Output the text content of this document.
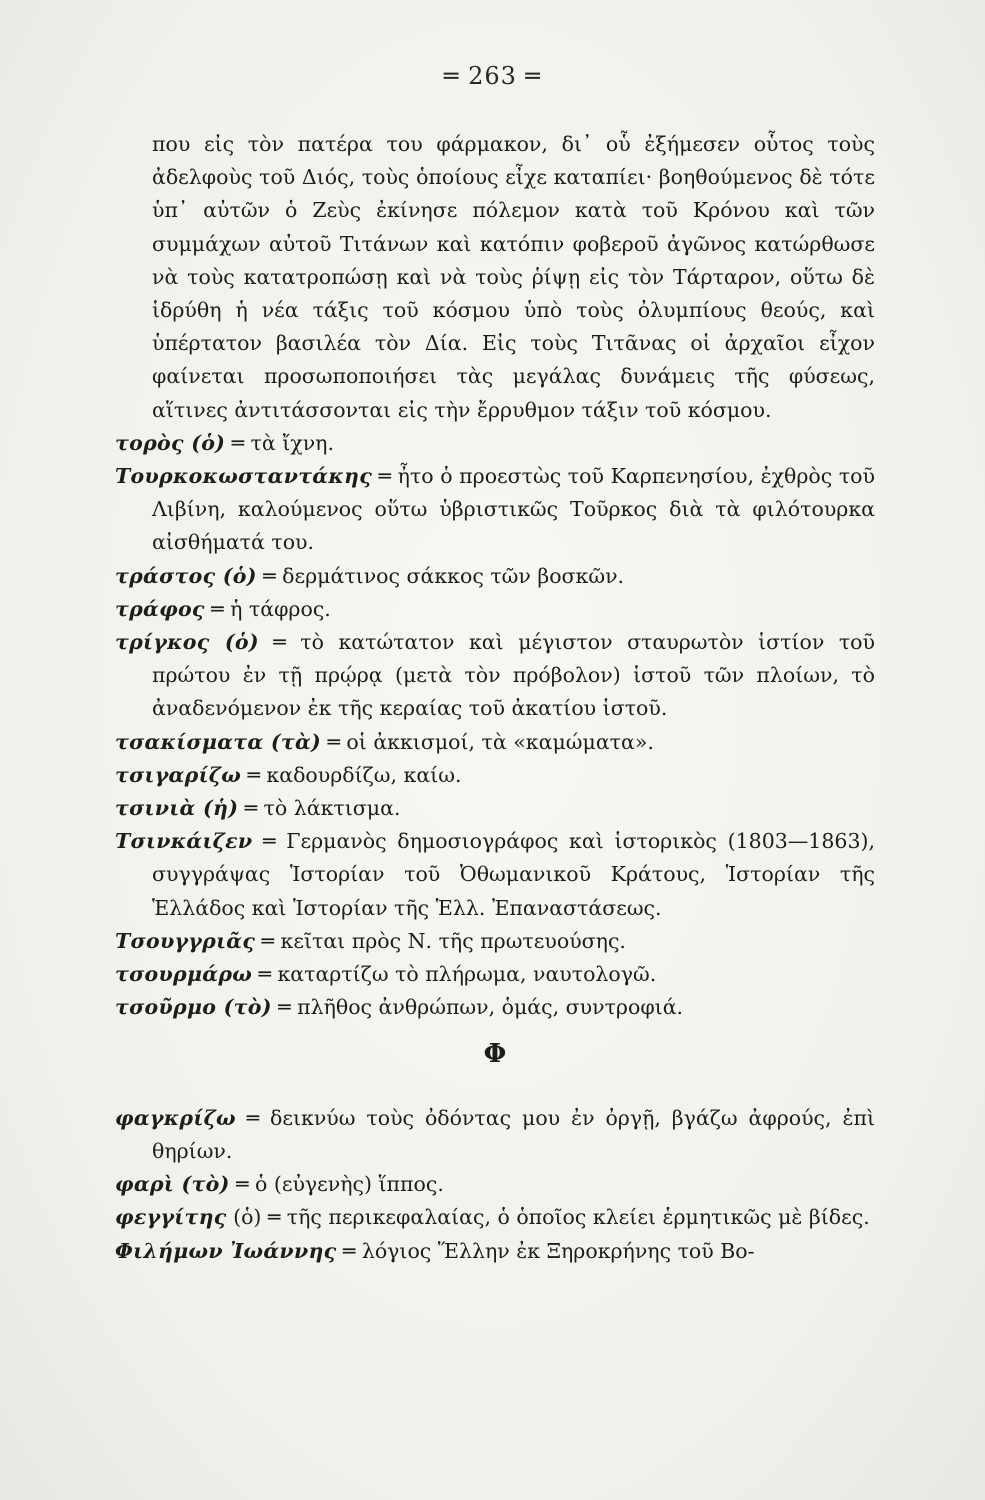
═ 263 ═

που εἰς τὸν πατέρα του φάρμακον, δι᾽ οὗ ἐξήμεσεν οὗτος τοὺς ἀδελφοὺς τοῦ Διός, τοὺς ὁποίους εἶχε καταπίει· βοηθούμενος δὲ τότε ὑπ᾽ αὐτῶν ὁ Ζεὺς ἐκίνησε πόλεμον κατὰ τοῦ Κρόνου καὶ τῶν συμμάχων αὐτοῦ Τιτάνων καὶ κατόπιν φοβεροῦ ἀγῶνος κατώρθωσε νὰ τοὺς κατατροπώσῃ καὶ νὰ τοὺς ῥίψῃ εἰς τὸν Τάρταρον, οὕτω δὲ ἱδρύθη ἡ νέα τάξις τοῦ κόσμου ὑπὸ τοὺς ὀλυμπίους θεούς, καὶ ὑπέρτατον βασιλέα τὸν Δία. Εἰς τοὺς Τιτᾶνας οἱ ἀρχαῖοι εἶχον φαίνεται προσωποποιήσει τὰς μεγάλας δυνάμεις τῆς φύσεως, αἵτινες ἀντιτάσσονται εἰς τὴν ἔρρυθμον τάξιν τοῦ κόσμου.

τορὸς (ὁ) ═ τὰ ἴχνη.

Τουρκοκωσταντάκης ═ ἦτο ὁ προεστὼς τοῦ Καρπενησίου, ἐχθρὸς τοῦ Λιβίνη, καλούμενος οὕτω ὑβριστικῶς Τοῦρκος διὰ τὰ φιλότουρκα αἰσθήματά του.

τράστος (ὁ) ═ δερμάτινος σάκκος τῶν βοσκῶν.

τράφος ═ ἡ τάφρος.

τρίγκος (ὁ) ═ τὸ κατώτατον καὶ μέγιστον σταυρωτὸν ἱστίον τοῦ πρώτου ἐν τῇ πρῴρᾳ (μετὰ τὸν πρόβολον) ἱστοῦ τῶν πλοίων, τὸ ἀναδενόμενον ἐκ τῆς κεραίας τοῦ ἀκατίου ἱστοῦ.

τσακίσματα (τὰ) ═ οἱ ἀκκισμοί, τὰ «καμώματα».

τσιγαρίζω ═ καδουρδίζω, καίω.

τσινιὰ (ἡ) ═ τὸ λάκτισμα.

Τσινκάιζεν ═ Γερμανὸς δημοσιογράφος καὶ ἱστορικὸς (1803—1863), συγγράψας Ἱστορίαν τοῦ Ὀθωμανικοῦ Κράτους, Ἱστορίαν τῆς Ἑλλάδος καὶ Ἱστορίαν τῆς Ἑλλ. Ἐπαναστάσεως.

Τσουγγριᾶς ═ κεῖται πρὸς Ν. τῆς πρωτευούσης.

τσουρμάρω ═ καταρτίζω τὸ πλήρωμα, ναυτολογῶ.

τσοῦρμο (τὸ) ═ πλῆθος ἀνθρώπων, ὁμάς, συντροφιά.

Φ

φαγκρίζω ═ δεικνύω τοὺς ὀδόντας μου ἐν ὀργῇ, βγάζω ἀφρούς, ἐπὶ θηρίων.

φαρὶ (τὸ) ═ ὁ (εὐγενὴς) ἵππος.

φεγγίτης (ὁ) ═ τῆς περικεφαλαίας, ὁ ὁποῖος κλείει ἑρμητικῶς μὲ βίδες.

Φιλήμων Ἰωάννης ═ λόγιος Ἕλλην ἐκ Ξηροκρήνης τοῦ Βο-
